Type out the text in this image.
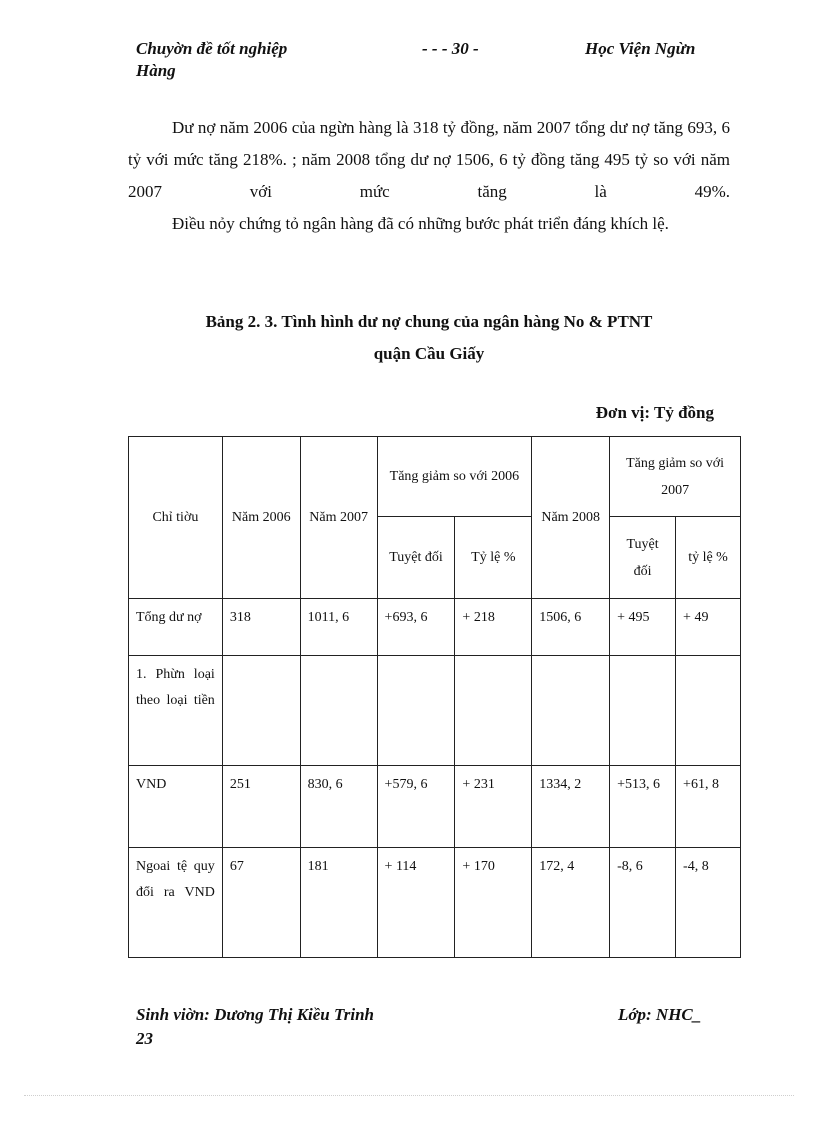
Chuyờn đề tốt nghiệp	- - - 30 -	Học Viện Ngừn
Hàng

Dư nợ năm 2006 của ngừn hàng là 318 tỷ đồng, năm 2007 tổng dư nợ tăng 693, 6 tỷ với mức tăng 218%. ; năm 2008 tổng dư nợ 1506, 6 tỷ đồng tăng 495 tỷ so với năm 2007 với mức tăng là 49%.

Điều nỏy chứng tỏ ngân hàng đã có những bước phát triển đáng khích lệ.

Bảng 2. 3. Tình hình dư nợ chung của ngân hàng No & PTNT
quận Cầu Giấy
Đơn vị: Tỷ đồng
Chỉ tiờu	Năm 2006	Năm 2007	Tăng giảm so với 2006		Năm 2008	Tăng giảm so với 2007	
			Tuyệt đối	Tỷ lệ %		Tuyệt đối	tỷ lệ %
Tổng dư nợ	318	1011, 6	+693, 6	+ 218	1506, 6	+ 495	+ 49
1. Phừn loại theo loại tiền							
VND	251	830, 6	+579, 6	+ 231	1334, 2	+513, 6	+61, 8
Ngoai tệ quy đổi ra VND	67	181	+ 114	+ 170	172, 4	-8, 6	-4, 8
Sinh viờn: Dương Thị Kiều Trinh	Lớp: NHC_
23
